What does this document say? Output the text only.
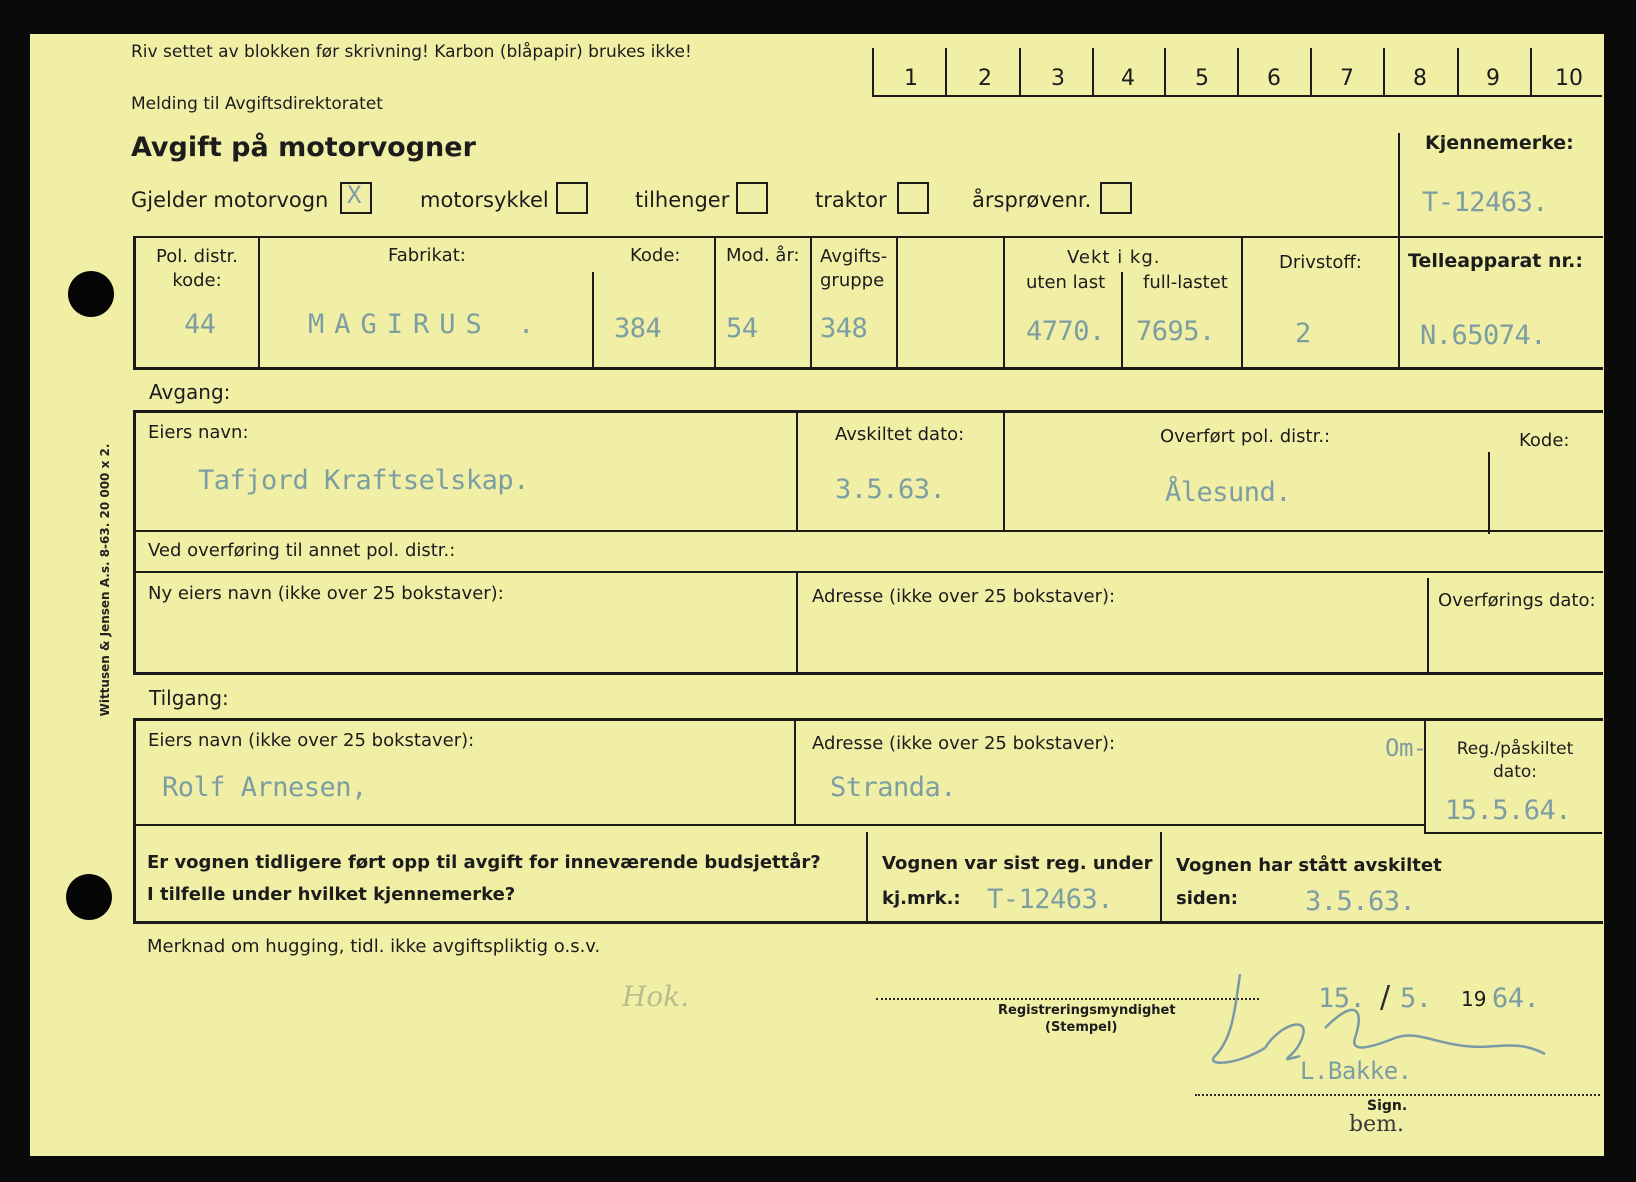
Wittusen & Jensen A.s. 8-63. 20 000 x 2.
Riv settet av blokken før skrivning! Karbon (blåpapir) brukes ikke!
Melding til Avgiftsdirektoratet
Avgift på motorvogner
1	2	3	4	5	6	7	8	9	10
Kjennemerke:
T-12463.
Gjelder motorvogn X	motorsykkel	tilhenger	traktor	årsprøvenr.
Pol. distr. kode:
44
Fabrikat:
MAGIRUS .
Kode:
384
Mod. år:
54
Avgifts- gruppe
348
Vekt i kg.
uten last
4770.
full-lastet
7695.
Drivstoff:
2
Telleapparat nr.:
N.65074.
Avgang:
Eiers navn:
Tafjord Kraftselskap.
Avskiltet dato:
3.5.63.
Overført pol. distr.:
Ålesund.
Kode:
Ved overføring til annet pol. distr.:
Ny eiers navn (ikke over 25 bokstaver):	Adresse (ikke over 25 bokstaver):	Overførings dato:
Tilgang:
Eiers navn (ikke over 25 bokstaver):
Rolf Arnesen,
Adresse (ikke over 25 bokstaver):
Stranda.
Om-	Reg./påskiltet dato:
15.5.64.
Er vognen tidligere ført opp til avgift for inneværende budsjettår?
I tilfelle under hvilket kjennemerke?
Vognen var sist reg. under
kj.mrk.: T-12463.
Vognen har stått avskiltet
siden: 3.5.63.
Merknad om hugging, tidl. ikke avgiftspliktig o.s.v.
Hok.	Registreringsmyndighet
(Stempel)
15. / 5. 19 64.
L.Bakke.
Sign.
bem.
